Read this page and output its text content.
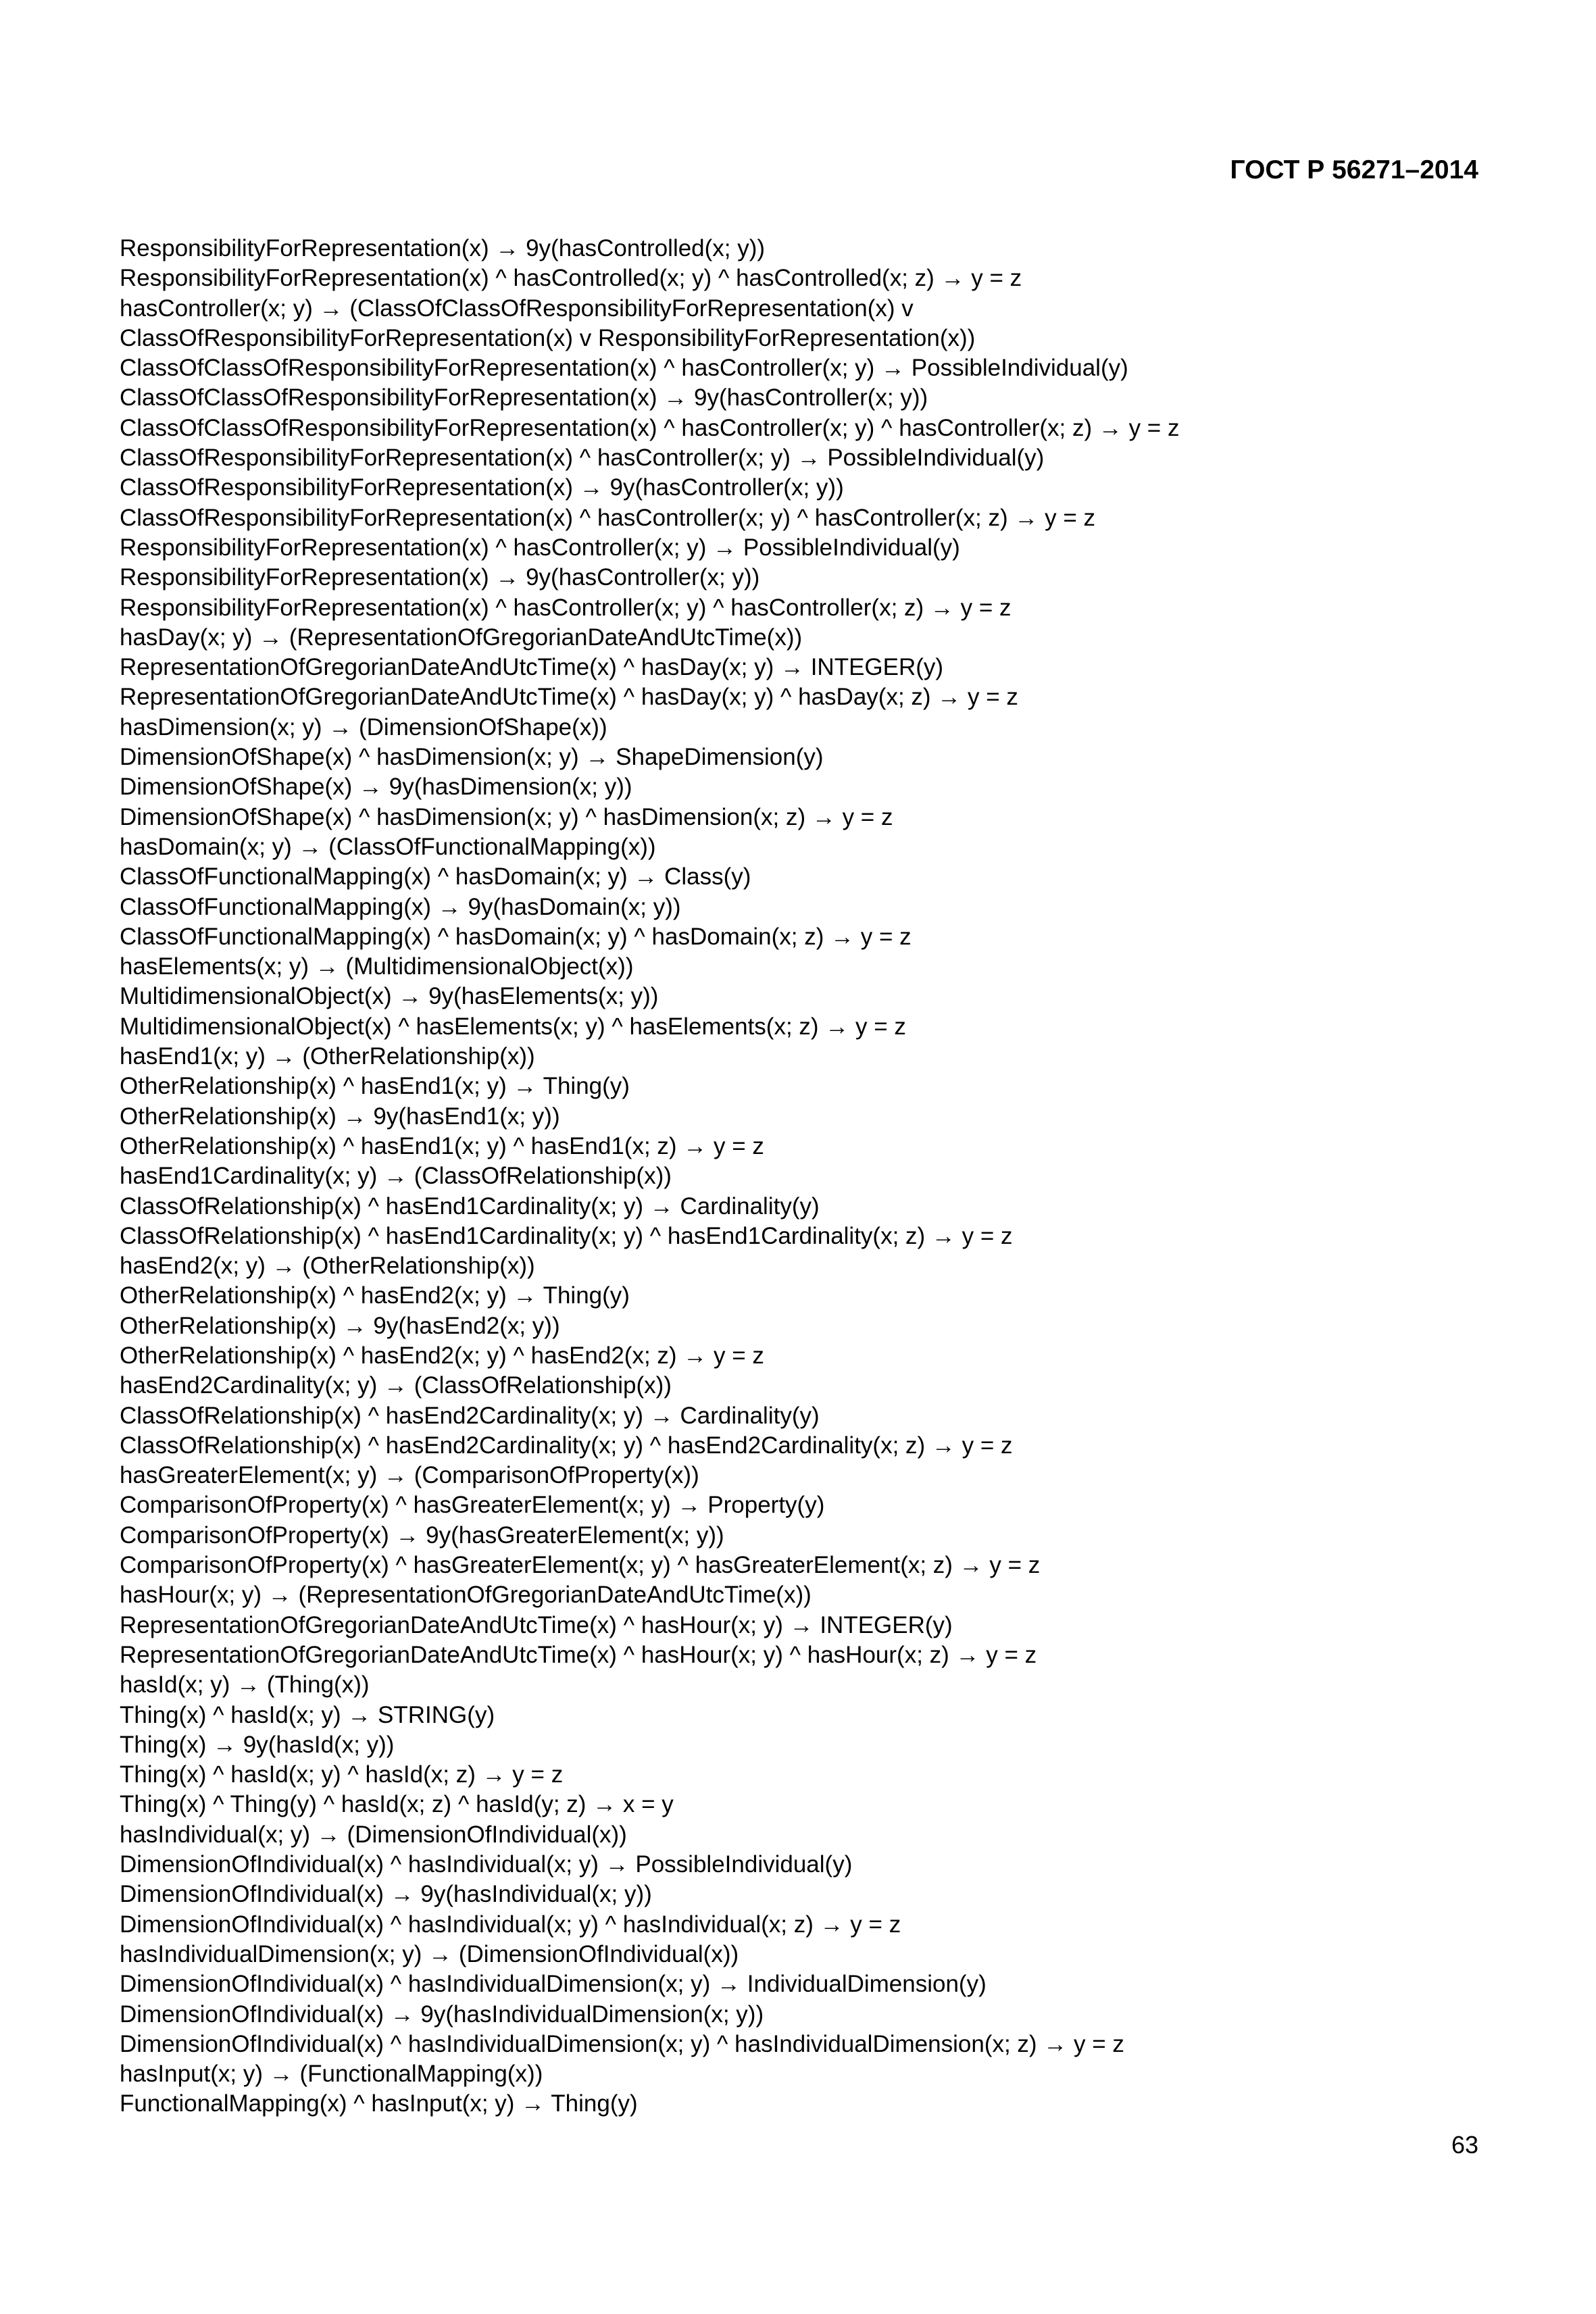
ГОСТ Р 56271–2014
ResponsibilityForRepresentation(x) → 9y(hasControlled(x; y))
ResponsibilityForRepresentation(x) ^ hasControlled(x; y) ^ hasControlled(x; z) → y = z
hasController(x; y) → (ClassOfClassOfResponsibilityForRepresentation(x) v
ClassOfResponsibilityForRepresentation(x) v ResponsibilityForRepresentation(x))
ClassOfClassOfResponsibilityForRepresentation(x) ^ hasController(x; y) → PossibleIndividual(y)
ClassOfClassOfResponsibilityForRepresentation(x) → 9y(hasController(x; y))
ClassOfClassOfResponsibilityForRepresentation(x) ^ hasController(x; y) ^ hasController(x; z) → y = z
ClassOfResponsibilityForRepresentation(x) ^ hasController(x; y) → PossibleIndividual(y)
ClassOfResponsibilityForRepresentation(x) → 9y(hasController(x; y))
ClassOfResponsibilityForRepresentation(x) ^ hasController(x; y) ^ hasController(x; z) → y = z
ResponsibilityForRepresentation(x) ^ hasController(x; y) → PossibleIndividual(y)
ResponsibilityForRepresentation(x) → 9y(hasController(x; y))
ResponsibilityForRepresentation(x) ^ hasController(x; y) ^ hasController(x; z) → y = z
hasDay(x; y) → (RepresentationOfGregorianDateAndUtcTime(x))
RepresentationOfGregorianDateAndUtcTime(x) ^ hasDay(x; y) → INTEGER(y)
RepresentationOfGregorianDateAndUtcTime(x) ^ hasDay(x; y) ^ hasDay(x; z) → y = z
hasDimension(x; y) → (DimensionOfShape(x))
DimensionOfShape(x) ^ hasDimension(x; y) → ShapeDimension(y)
DimensionOfShape(x) → 9y(hasDimension(x; y))
DimensionOfShape(x) ^ hasDimension(x; y) ^ hasDimension(x; z) → y = z
hasDomain(x; y) → (ClassOfFunctionalMapping(x))
ClassOfFunctionalMapping(x) ^ hasDomain(x; y) → Class(y)
ClassOfFunctionalMapping(x) → 9y(hasDomain(x; y))
ClassOfFunctionalMapping(x) ^ hasDomain(x; y) ^ hasDomain(x; z) → y = z
hasElements(x; y) → (MultidimensionalObject(x))
MultidimensionalObject(x) → 9y(hasElements(x; y))
MultidimensionalObject(x) ^ hasElements(x; y) ^ hasElements(x; z) → y = z
hasEnd1(x; y) → (OtherRelationship(x))
OtherRelationship(x) ^ hasEnd1(x; y) → Thing(y)
OtherRelationship(x) → 9y(hasEnd1(x; y))
OtherRelationship(x) ^ hasEnd1(x; y) ^ hasEnd1(x; z) → y = z
hasEnd1Cardinality(x; y) → (ClassOfRelationship(x))
ClassOfRelationship(x) ^ hasEnd1Cardinality(x; y) → Cardinality(y)
ClassOfRelationship(x) ^ hasEnd1Cardinality(x; y) ^ hasEnd1Cardinality(x; z) → y = z
hasEnd2(x; y) → (OtherRelationship(x))
OtherRelationship(x) ^ hasEnd2(x; y) → Thing(y)
OtherRelationship(x) → 9y(hasEnd2(x; y))
OtherRelationship(x) ^ hasEnd2(x; y) ^ hasEnd2(x; z) → y = z
hasEnd2Cardinality(x; y) → (ClassOfRelationship(x))
ClassOfRelationship(x) ^ hasEnd2Cardinality(x; y) → Cardinality(y)
ClassOfRelationship(x) ^ hasEnd2Cardinality(x; y) ^ hasEnd2Cardinality(x; z) → y = z
hasGreaterElement(x; y) → (ComparisonOfProperty(x))
ComparisonOfProperty(x) ^ hasGreaterElement(x; y) → Property(y)
ComparisonOfProperty(x) → 9y(hasGreaterElement(x; y))
ComparisonOfProperty(x) ^ hasGreaterElement(x; y) ^ hasGreaterElement(x; z) → y = z
hasHour(x; y) → (RepresentationOfGregorianDateAndUtcTime(x))
RepresentationOfGregorianDateAndUtcTime(x) ^ hasHour(x; y) → INTEGER(y)
RepresentationOfGregorianDateAndUtcTime(x) ^ hasHour(x; y) ^ hasHour(x; z) → y = z
hasId(x; y) → (Thing(x))
Thing(x) ^ hasId(x; y) → STRING(y)
Thing(x) → 9y(hasId(x; y))
Thing(x) ^ hasId(x; y) ^ hasId(x; z) → y = z
Thing(x) ^ Thing(y) ^ hasId(x; z) ^ hasId(y; z) → x = y
hasIndividual(x; y) → (DimensionOfIndividual(x))
DimensionOfIndividual(x) ^ hasIndividual(x; y) → PossibleIndividual(y)
DimensionOfIndividual(x) → 9y(hasIndividual(x; y))
DimensionOfIndividual(x) ^ hasIndividual(x; y) ^ hasIndividual(x; z) → y = z
hasIndividualDimension(x; y) → (DimensionOfIndividual(x))
DimensionOfIndividual(x) ^ hasIndividualDimension(x; y) → IndividualDimension(y)
DimensionOfIndividual(x) → 9y(hasIndividualDimension(x; y))
DimensionOfIndividual(x) ^ hasIndividualDimension(x; y) ^ hasIndividualDimension(x; z) → y = z
hasInput(x; y) → (FunctionalMapping(x))
FunctionalMapping(x) ^ hasInput(x; y) → Thing(y)
63
